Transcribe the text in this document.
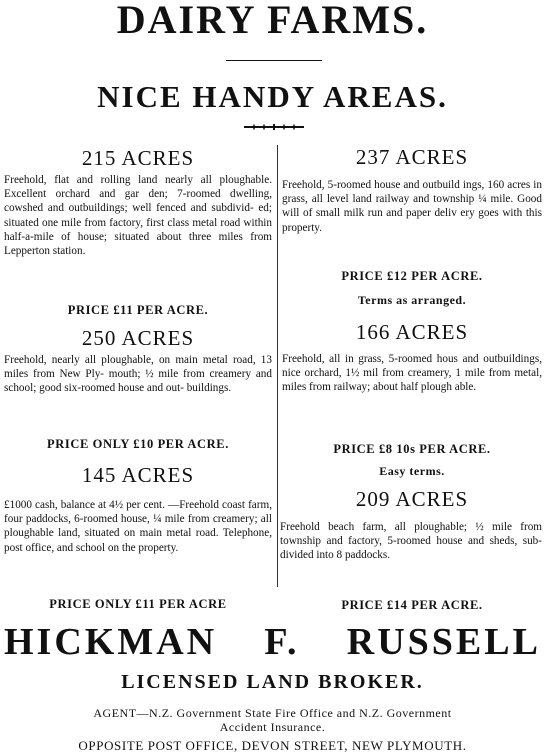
DAIRY FARMS.
NICE HANDY AREAS.
215 ACRES
Freehold, flat and rolling land nearly all ploughable. Excellent orchard and gar den; 7-roomed dwelling, cowshed and outbuildings; well fenced and subdivid- ed; situated one mile from factory, first class metal road within half-a-mile of house; situated about three miles from Lepperton station.
PRICE £11 PER ACRE.
250 ACRES
Freehold, nearly all ploughable, on main metal road, 13 miles from New Ply- mouth; ½ mile from creamery and school; good six-roomed house and out- buildings.
PRICE ONLY £10 PER ACRE.
145 ACRES
£1000 cash, balance at 4½ per cent. —Freehold coast farm, four paddocks, 6-roomed house, ¼ mile from creamery; all ploughable land, situated on main metal road. Telephone, post office, and school on the property.
PRICE ONLY £11 PER ACRE
237 ACRES
Freehold, 5-roomed house and outbuild ings, 160 acres in grass, all level land railway and township ¼ mile. Good will of small milk run and paper deliv ery goes with this property.
PRICE £12 PER ACRE.
Terms as arranged.
166 ACRES
Freehold, all in grass, 5-roomed hous and outbuildings, nice orchard, 1½ mil from creamery, 1 mile from metal, miles from railway; about half plough able.
PRICE £8 10s PER ACRE.
Easy terms.
209 ACRES
Freehold beach farm, all ploughable; ½ mile from township and factory, 5-roomed house and sheds, sub-divided into 8 paddocks.
PRICE £14 PER ACRE.
HICKMAN F. RUSSELL
LICENSED LAND BROKER.
AGENT—N.Z. Government State Fire Office and N.Z. Government
Accident Insurance.
OPPOSITE POST OFFICE, DEVON STREET, NEW PLYMOUTH.
